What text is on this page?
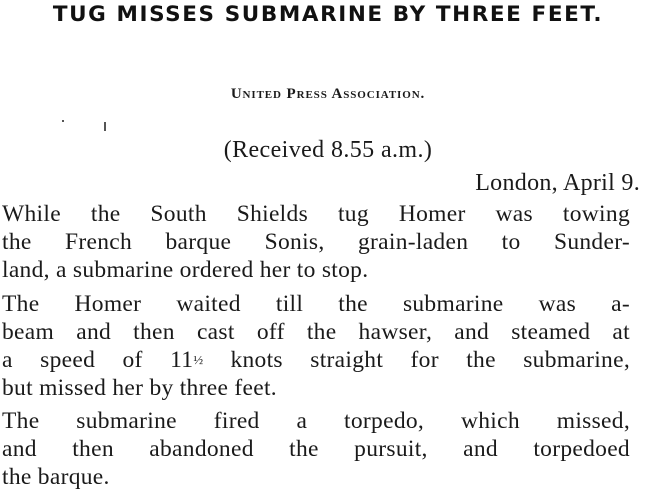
TUG MISSES SUBMARINE BY THREE FEET.
United Press Association.
(Received 8.55 a.m.)
London, April 9.
While the South Shields tug Homer was towing
the French barque Sonis, grain-laden to Sunder-
land, a submarine ordered her to stop.
The Homer waited till the submarine was a-
beam and then cast off the hawser, and steamed at
a speed of 11½ knots straight for the submarine,
but missed her by three feet.
The submarine fired a torpedo, which missed,
and then abandoned the pursuit, and torpedoed
the barque.
